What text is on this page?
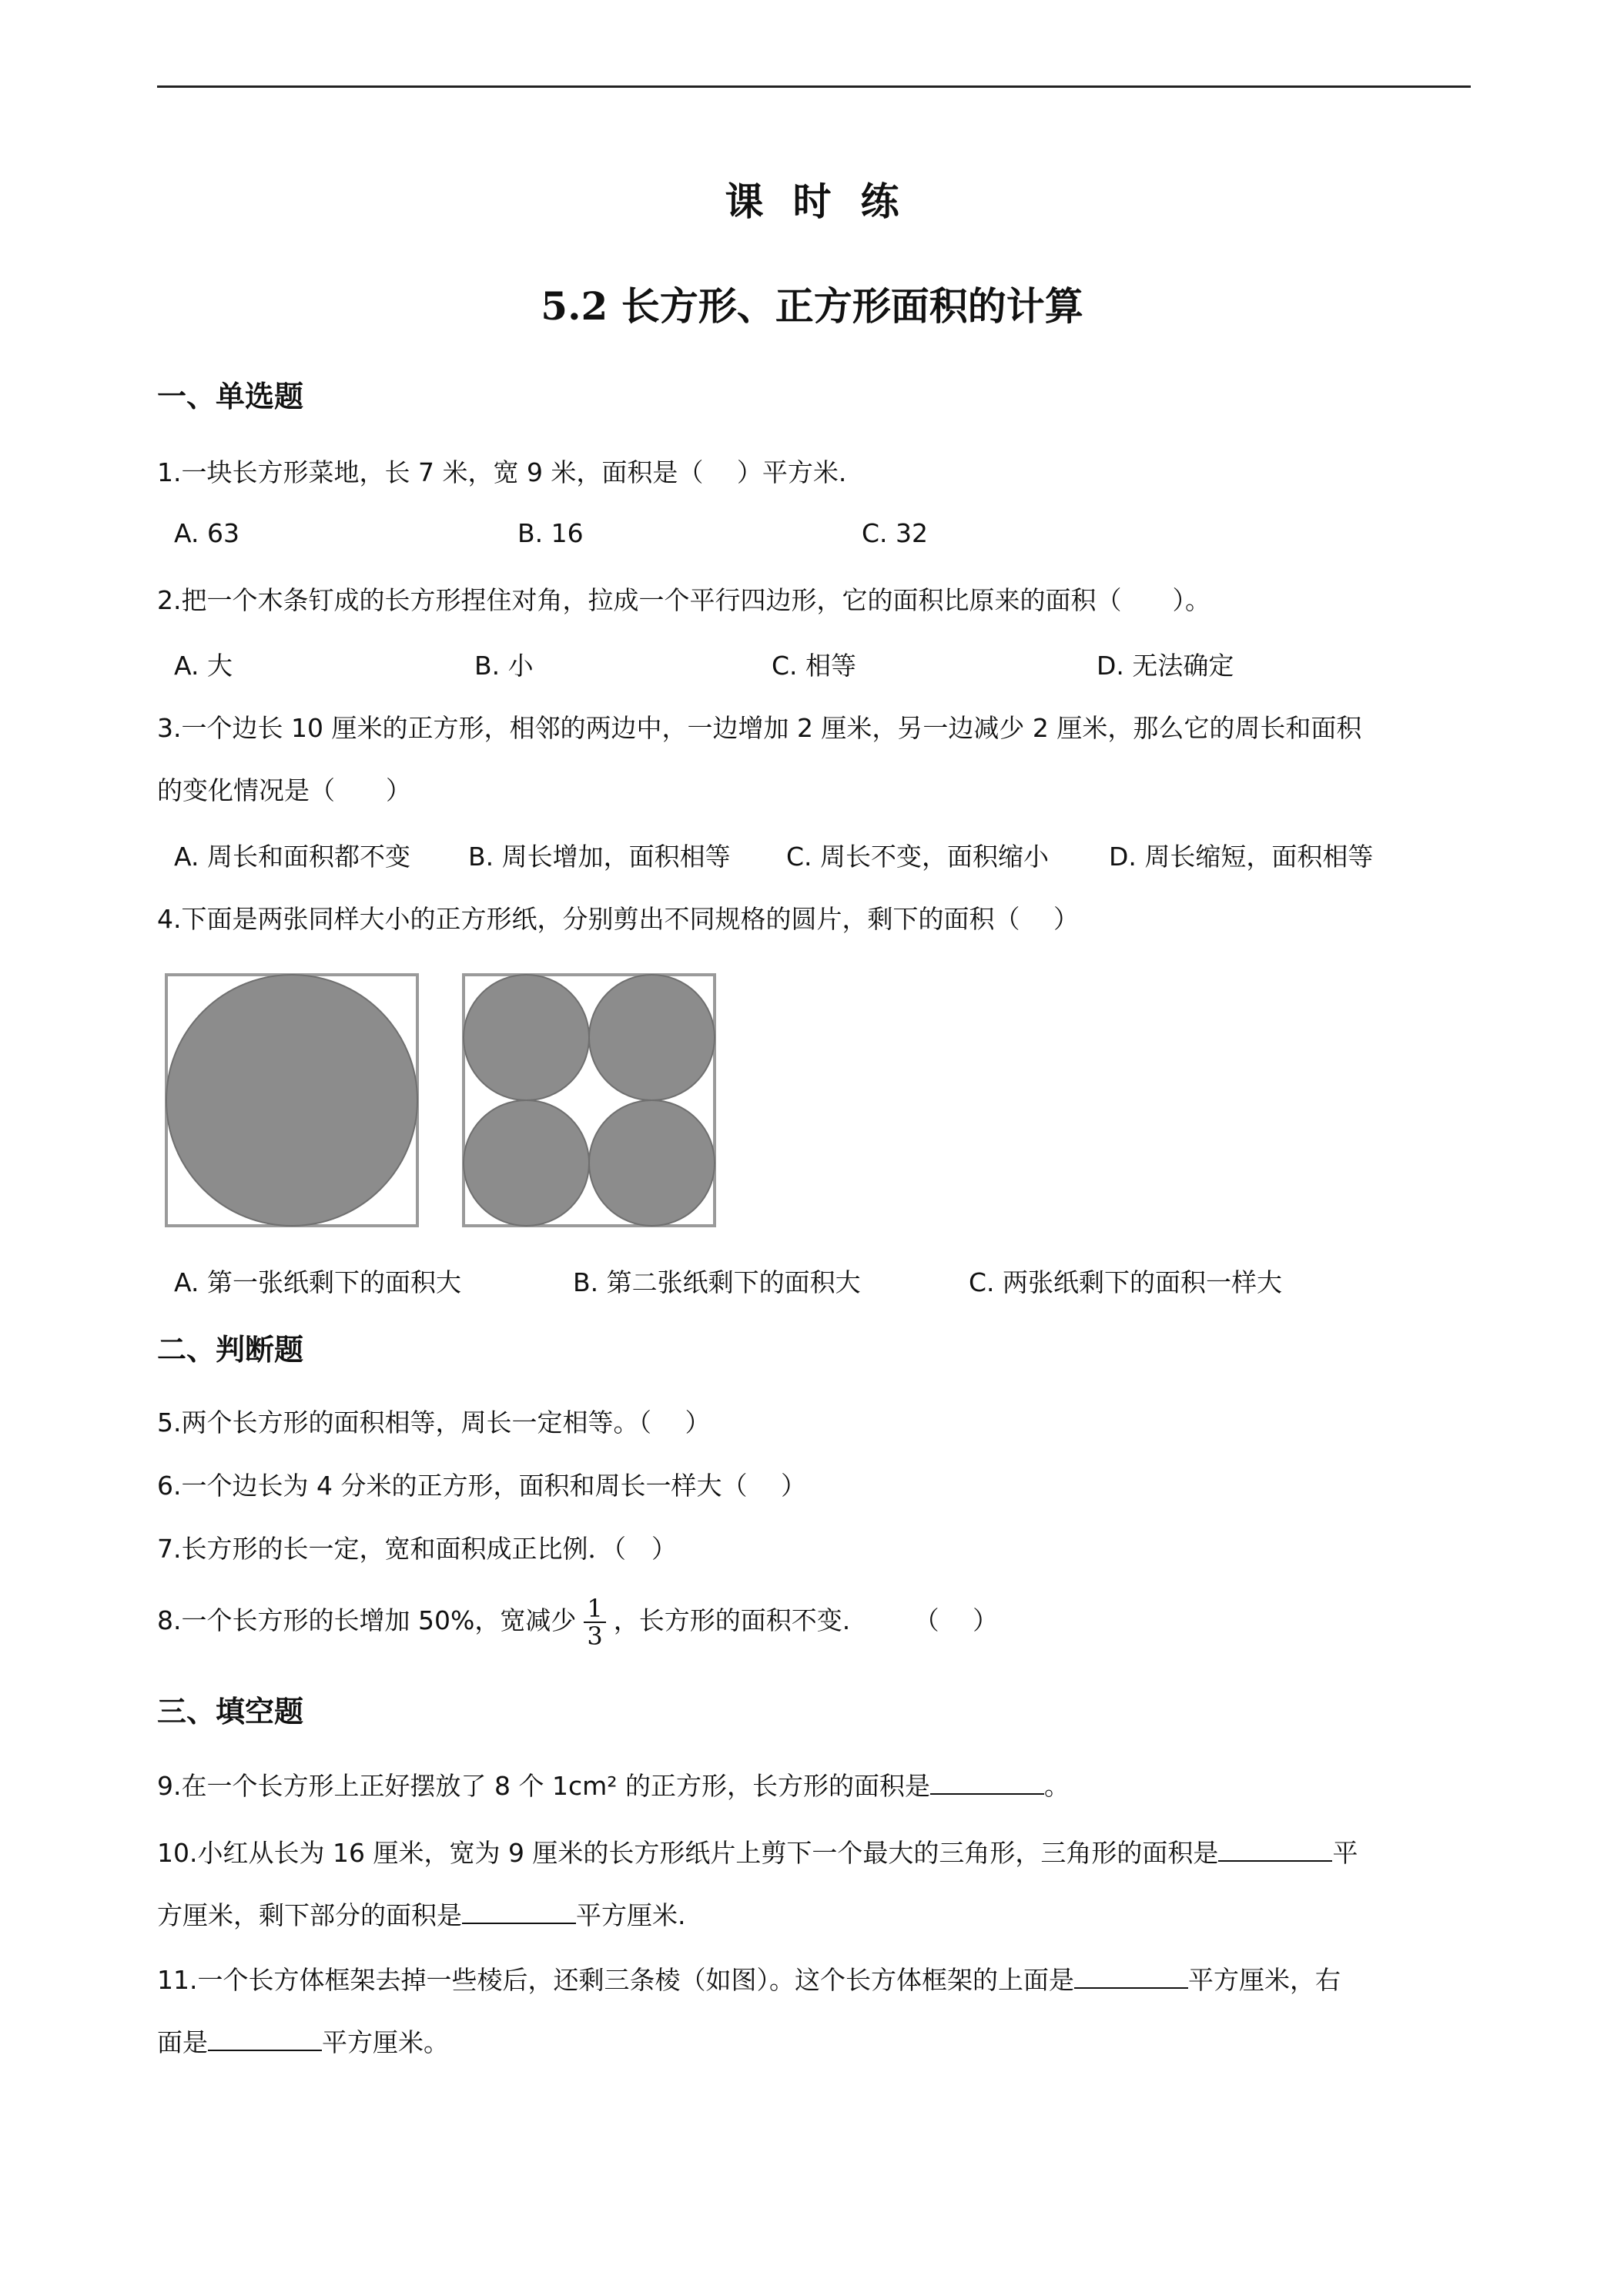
课时练
5.2 长方形、正方形面积的计算
一、单选题
1.一块长方形菜地，长 7 米，宽 9 米，面积是（　 ）平方米.
A. 63	B. 16	C. 32
2.把一个木条钉成的长方形捏住对角，拉成一个平行四边形，它的面积比原来的面积（　　）。
A. 大	B. 小	C. 相等	D. 无法确定
3.一个边长 10 厘米的正方形，相邻的两边中，一边增加 2 厘米，另一边减少 2 厘米，那么它的周长和面积
的变化情况是（　　）
A. 周长和面积都不变 B. 周长增加，面积相等 C. 周长不变，面积缩小 D. 周长缩短，面积相等
4.下面是两张同样大小的正方形纸，分别剪出不同规格的圆片，剩下的面积（　 ）
A. 第一张纸剩下的面积大	B. 第二张纸剩下的面积大	C. 两张纸剩下的面积一样大
二、判断题
5.两个长方形的面积相等，周长一定相等。（　 ）
6.一个边长为 4 分米的正方形，面积和周长一样大（　 ）
7.长方形的长一定，宽和面积成正比例．（　）
8.一个长方形的长增加 50%，宽减少 $\frac{1}{3}$ ，长方形的面积不变.　　　（　 ）
三、填空题
9.在一个长方形上正好摆放了 8 个 1cm² 的正方形，长方形的面积是	。
10.小红从长为 16 厘米，宽为 9 厘米的长方形纸片上剪下一个最大的三角形，三角形的面积是	平
方厘米，剩下部分的面积是	平方厘米.
11.一个长方体框架去掉一些棱后，还剩三条棱（如图）。这个长方体框架的上面是	平方厘米，右
面是	平方厘米。
